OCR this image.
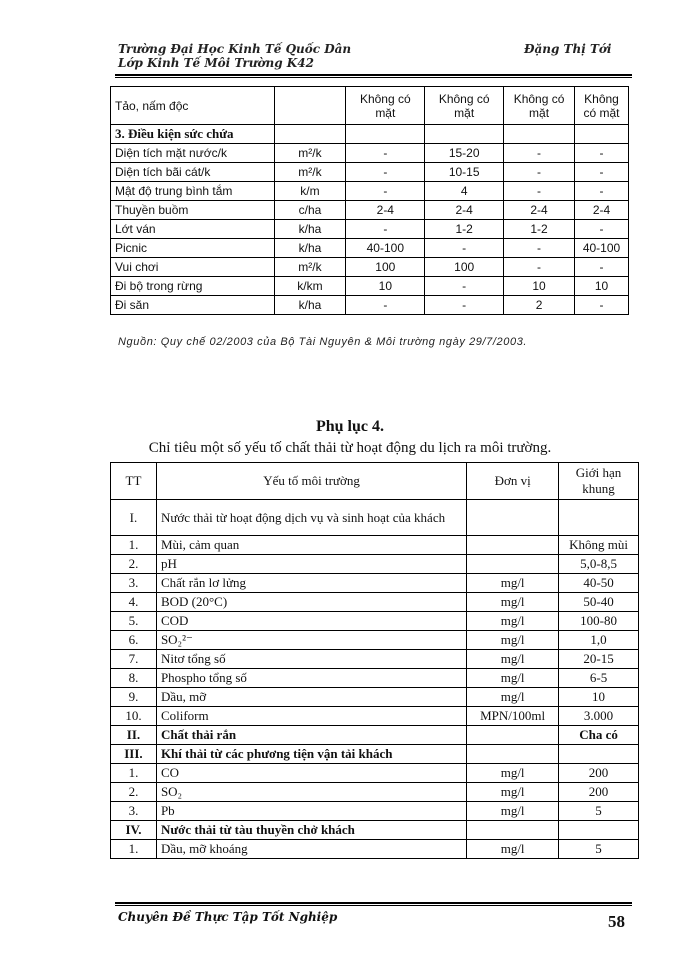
Trường Đại Học Kinh Tế Quốc Dân
Lớp Kinh Tế Môi Trường K42
Đặng Thị Tới
Tảo, nấm độc		Không có mặt	Không có mặt	Không có mặt	Không có mặt
3. Điều kiện sức chứa					
Diện tích mặt nước/k	m²/k	-	15-20	-	-
Diện tích bãi cát/k	m²/k	-	10-15	-	-
Mật độ trung bình tắm	k/m	-	4	-	-
Thuyền buồm	c/ha	2-4	2-4	2-4	2-4
Lớt ván	k/ha	-	1-2	1-2	-
Picnic	k/ha	40-100	-	-	40-100
Vui chơi	m²/k	100	100	-	-
Đi bộ trong rừng	k/km	10	-	10	10
Đi săn	k/ha	-	-	2	-
Nguồn: Quy chế 02/2003 của Bộ Tài Nguyên & Môi trường ngày 29/7/2003.
Phụ lục 4.
Chỉ tiêu một số yếu tố chất thải từ hoạt động du lịch ra môi trường.
TT	Yếu tố môi trường	Đơn vị	Giới hạn khung
I.	Nước thải từ hoạt động dịch vụ và sinh hoạt của khách		
1.	Mùi, cảm quan		Không mùi
2.	pH		5,0-8,5
3.	Chất rắn lơ lửng	mg/l	40-50
4.	BOD (20°C)	mg/l	50-40
5.	COD	mg/l	100-80
6.	SO₂²⁻	mg/l	1,0
7.	Nitơ tổng số	mg/l	20-15
8.	Phospho tổng số	mg/l	6-5
9.	Dầu, mỡ	mg/l	10
10.	Coliform	MPN/100ml	3.000
II.	Chất thải rắn		Cha có
III.	Khí thải từ các phương tiện vận tải khách		
1.	CO	mg/l	200
2.	SO₂	mg/l	200
3.	Pb	mg/l	5
IV.	Nước thải từ tàu thuyền chở khách		
1.	Dầu, mỡ khoáng	mg/l	5
Chuyên Đề Thực Tập Tốt Nghiệp	58
